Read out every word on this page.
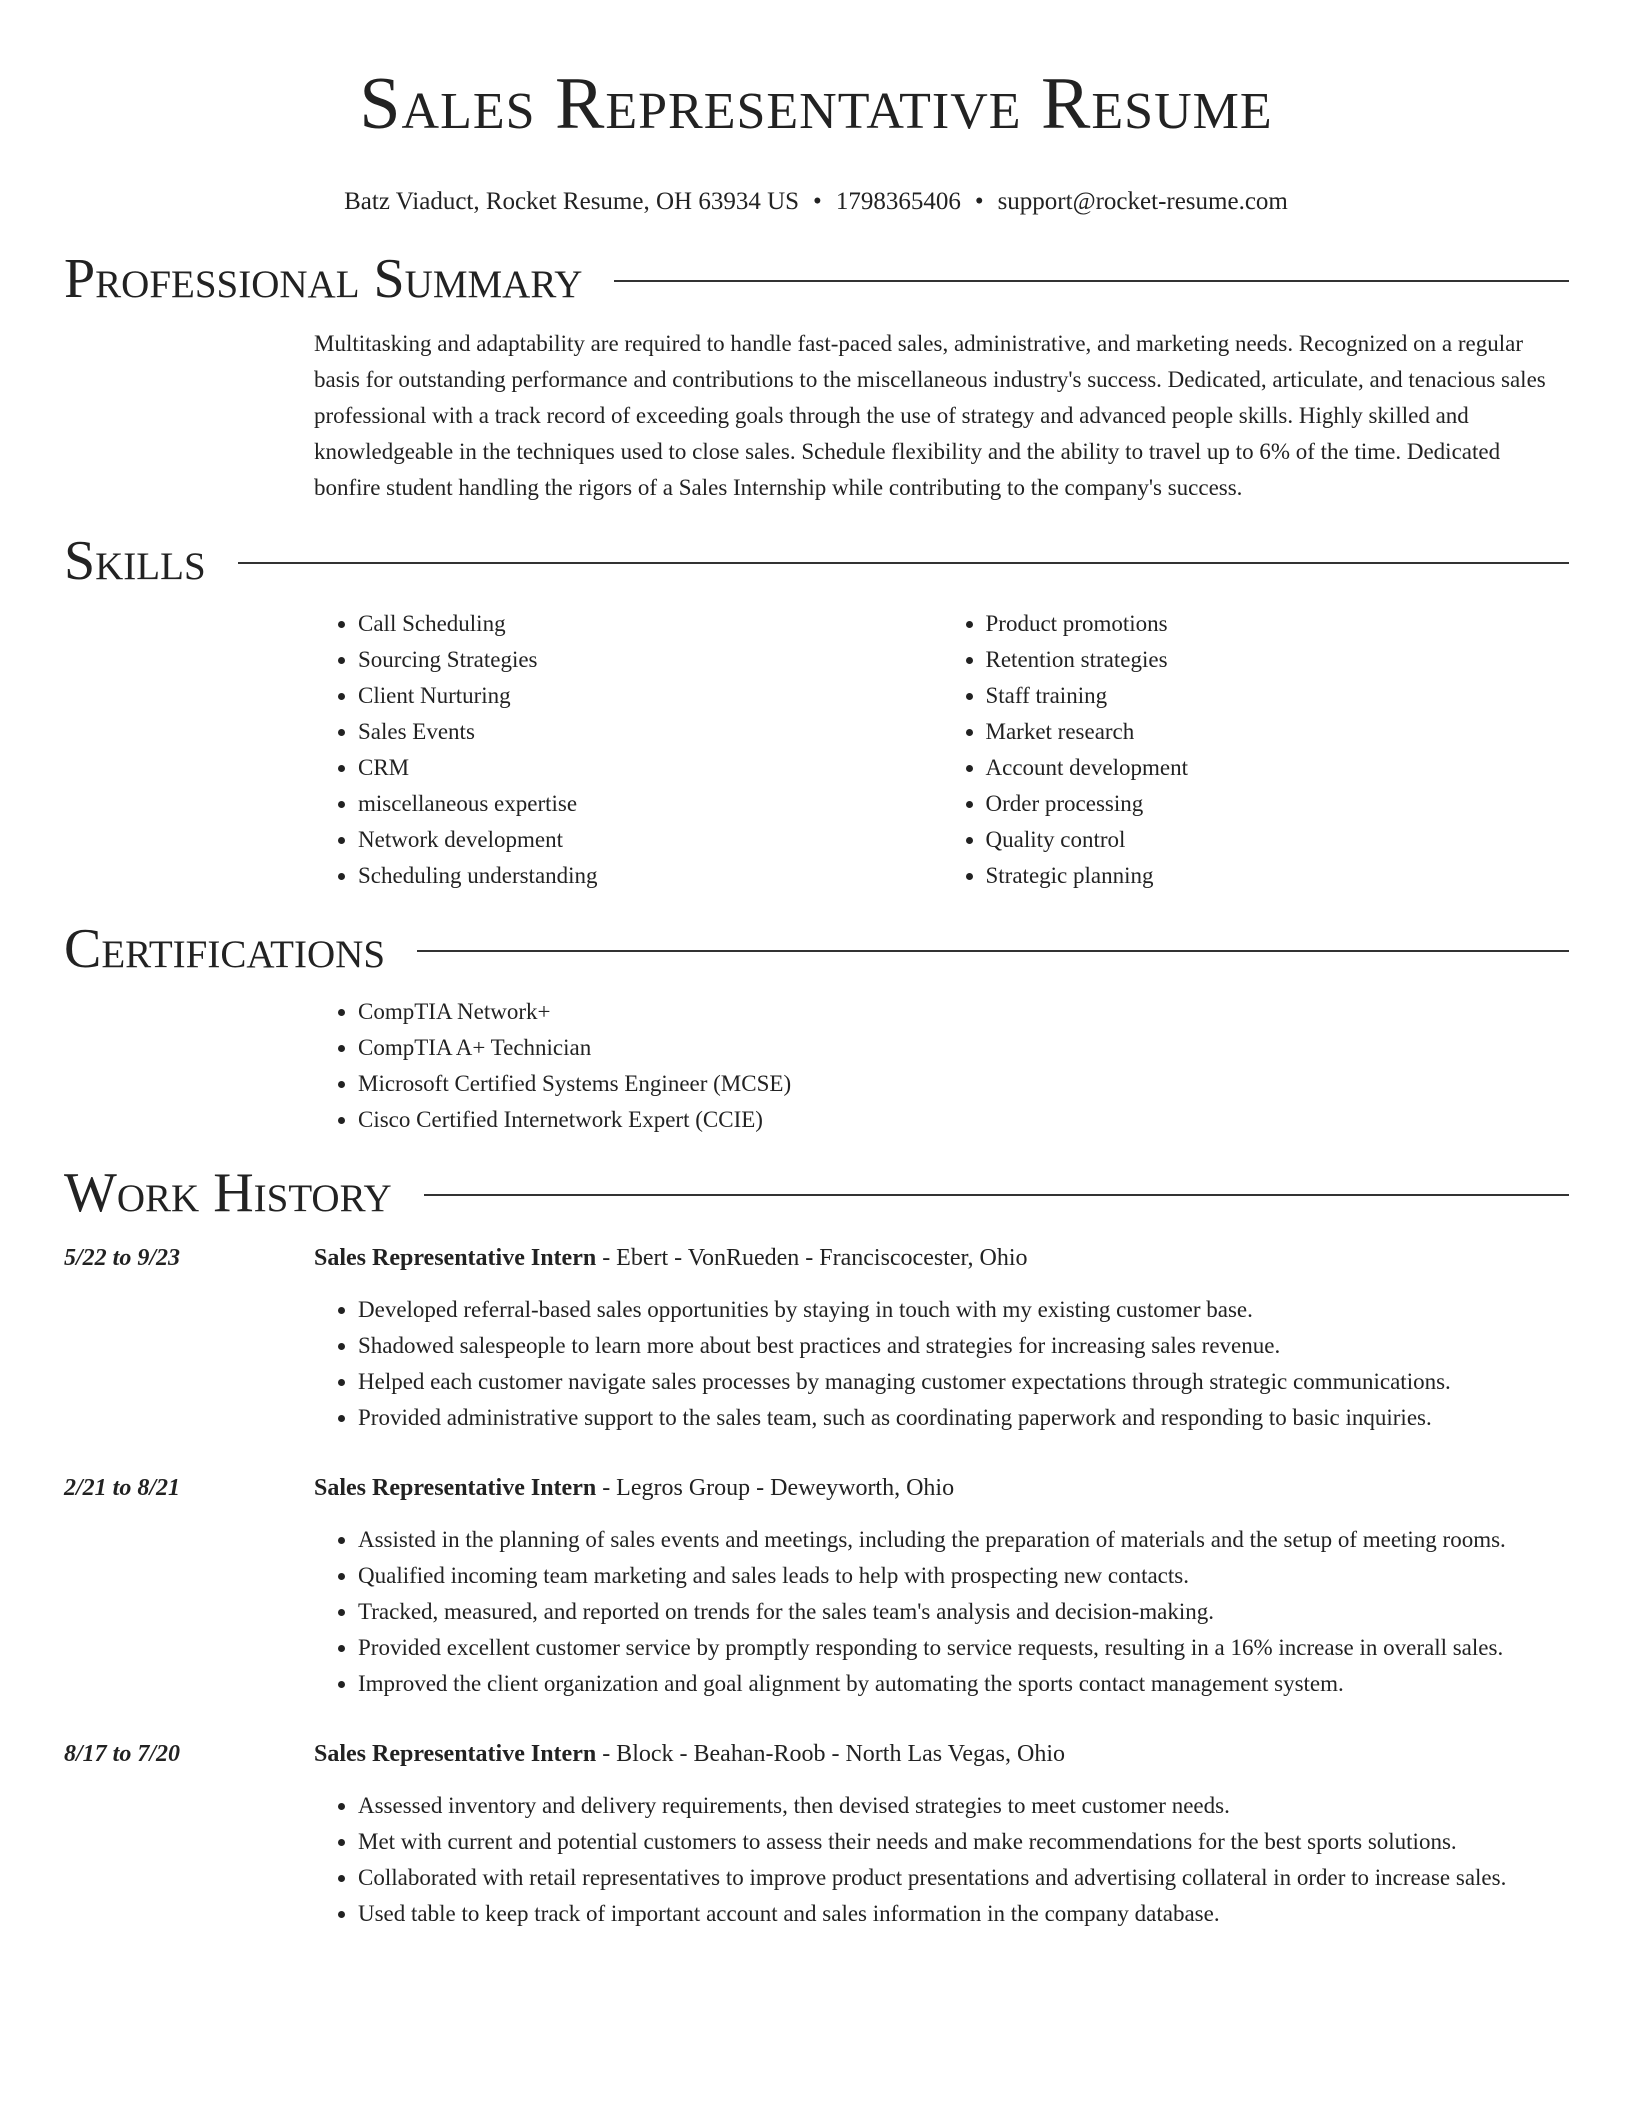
Sales Representative Resume
Batz Viaduct, Rocket Resume, OH 63934 US • 1798365406 • support@rocket-resume.com
Professional Summary

Multitasking and adaptability are required to handle fast-paced sales, administrative, and marketing needs. Recognized on a regular basis for outstanding performance and contributions to the miscellaneous industry's success. Dedicated, articulate, and tenacious sales professional with a track record of exceeding goals through the use of strategy and advanced people skills. Highly skilled and knowledgeable in the techniques used to close sales. Schedule flexibility and the ability to travel up to 6% of the time. Dedicated bonfire student handling the rigors of a Sales Internship while contributing to the company's success.

Skills
• Call Scheduling
• Sourcing Strategies
• Client Nurturing
• Sales Events
• CRM
• miscellaneous expertise
• Network development
• Scheduling understanding
• Product promotions
• Retention strategies
• Staff training
• Market research
• Account development
• Order processing
• Quality control
• Strategic planning
Certifications
• CompTIA Network+
• CompTIA A+ Technician
• Microsoft Certified Systems Engineer (MCSE)
• Cisco Certified Internetwork Expert (CCIE)
Work History
5/22 to 9/23	Sales Representative Intern - Ebert - VonRueden - Franciscocester, Ohio
• Developed referral-based sales opportunities by staying in touch with my existing customer base.
• Shadowed salespeople to learn more about best practices and strategies for increasing sales revenue.
• Helped each customer navigate sales processes by managing customer expectations through strategic communications.
• Provided administrative support to the sales team, such as coordinating paperwork and responding to basic inquiries.
2/21 to 8/21	Sales Representative Intern - Legros Group - Deweyworth, Ohio
• Assisted in the planning of sales events and meetings, including the preparation of materials and the setup of meeting rooms.
• Qualified incoming team marketing and sales leads to help with prospecting new contacts.
• Tracked, measured, and reported on trends for the sales team's analysis and decision-making.
• Provided excellent customer service by promptly responding to service requests, resulting in a 16% increase in overall sales.
• Improved the client organization and goal alignment by automating the sports contact management system.
8/17 to 7/20	Sales Representative Intern - Block - Beahan-Roob - North Las Vegas, Ohio
• Assessed inventory and delivery requirements, then devised strategies to meet customer needs.
• Met with current and potential customers to assess their needs and make recommendations for the best sports solutions.
• Collaborated with retail representatives to improve product presentations and advertising collateral in order to increase sales.
• Used table to keep track of important account and sales information in the company database.
